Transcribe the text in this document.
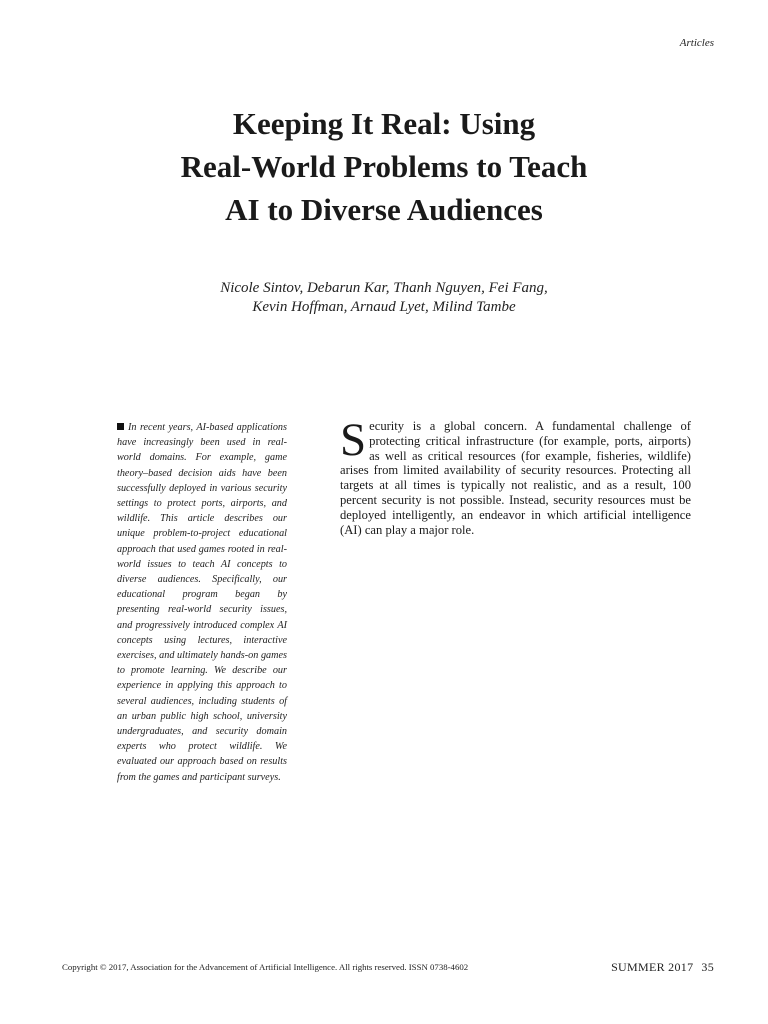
Articles
Keeping It Real: Using
Real-World Problems to Teach
AI to Diverse Audiences
Nicole Sintov, Debarun Kar, Thanh Nguyen, Fei Fang,
Kevin Hoffman, Arnaud Lyet, Milind Tambe
In recent years, AI-based applications have increasingly been used in real-world domains. For example, game theory–based decision aids have been successfully deployed in various security settings to protect ports, airports, and wildlife. This article describes our unique problem-to-project educational approach that used games rooted in real-world issues to teach AI concepts to diverse audiences. Specifically, our educational program began by presenting real-world security issues, and progressively introduced complex AI concepts using lectures, interactive exercises, and ultimately hands-on games to promote learning. We describe our experience in applying this approach to several audiences, including students of an urban public high school, university undergraduates, and security domain experts who protect wildlife. We evaluated our approach based on results from the games and participant surveys.
Security is a global concern. A fundamental challenge of protecting critical infrastructure (for example, ports, airports) as well as critical resources (for example, fisheries, wildlife) arises from limited availability of security resources. Protecting all targets at all times is typically not realistic, and as a result, 100 percent security is not possible. Instead, security resources must be deployed intelligently, an endeavor in which artificial intelligence (AI) can play a major role.
Copyright © 2017, Association for the Advancement of Artificial Intelligence. All rights reserved. ISSN 0738-4602	SUMMER 2017 35
